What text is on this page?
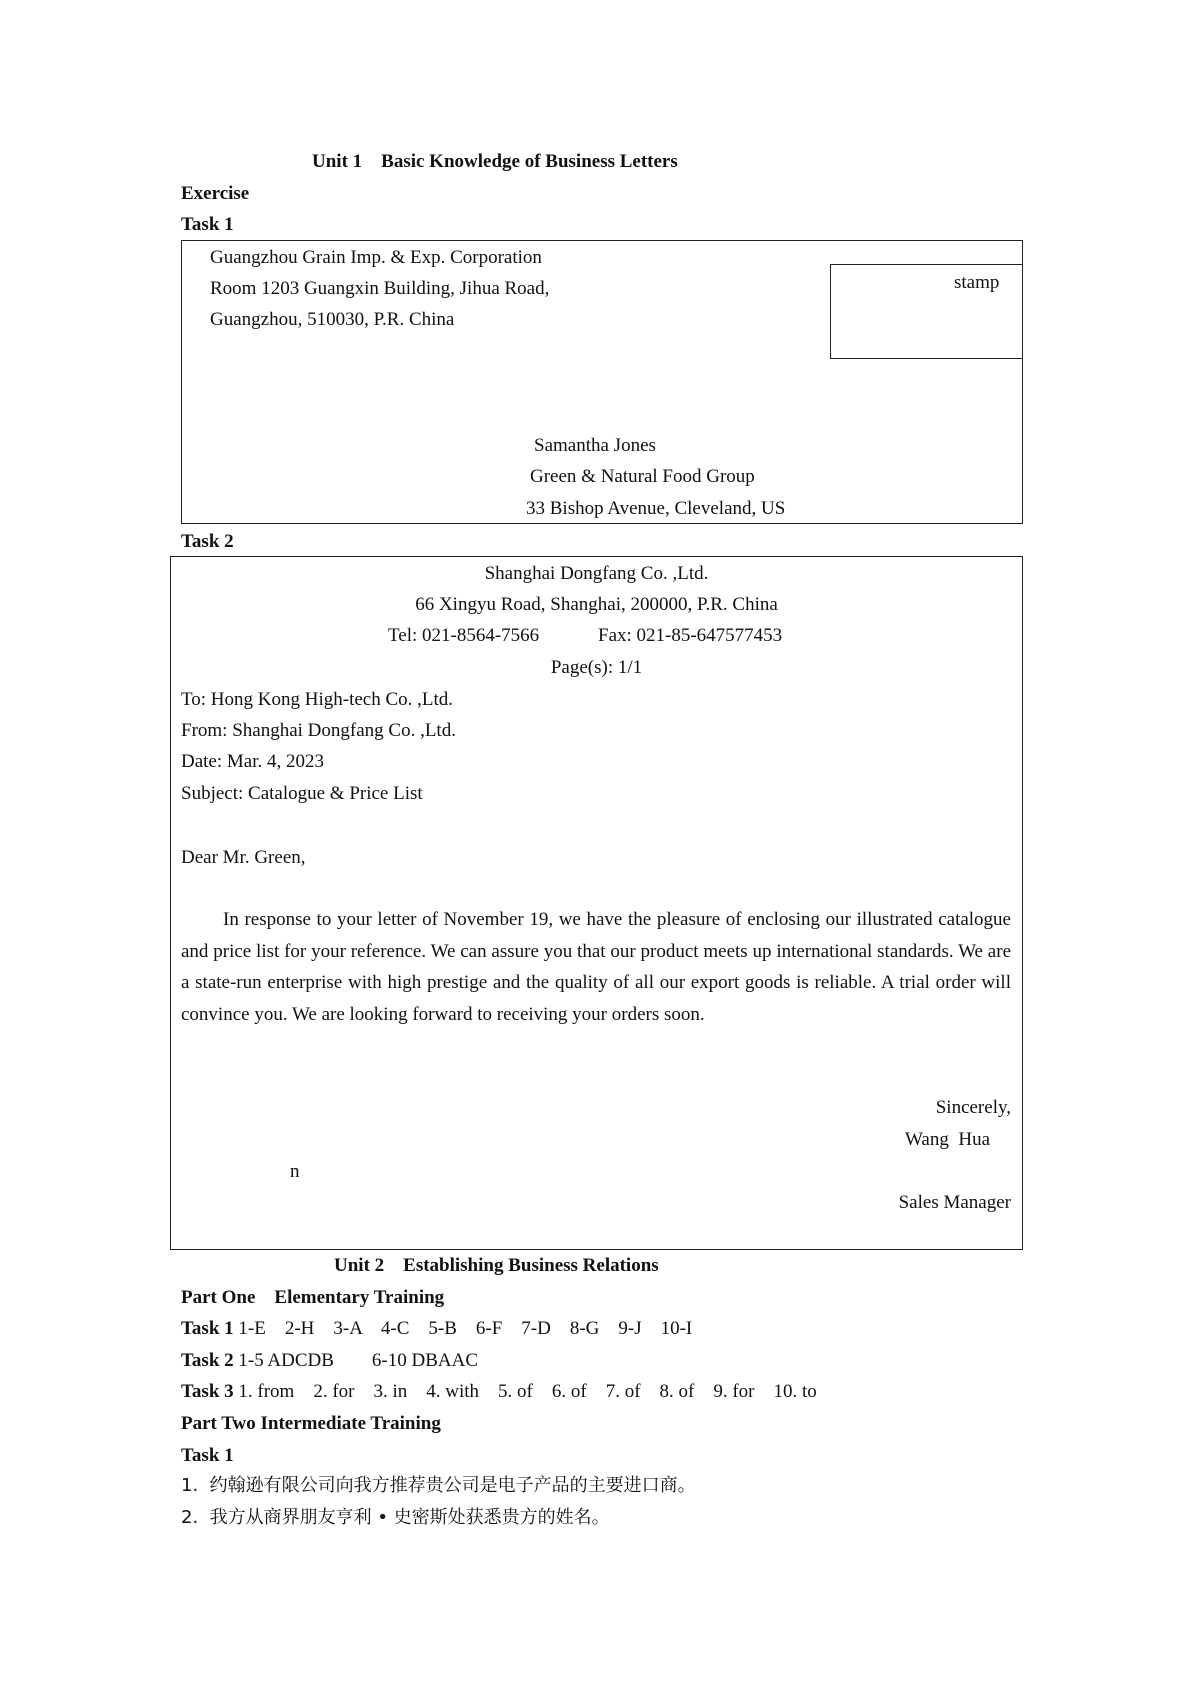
Unit 1    Basic Knowledge of Business Letters
Exercise
Task 1
Guangzhou Grain Imp. & Exp. Corporation
Room 1203 Guangxin Building, Jihua Road,
Guangzhou, 510030, P.R. China
stamp
Samantha Jones
Green & Natural Food Group
33 Bishop Avenue, Cleveland, US
Task 2
Shanghai Dongfang Co. ,Ltd.
66 Xingyu Road, Shanghai, 200000, P.R. China
Tel: 021-8564-7566	Fax: 021-85-647577453
Page(s): 1/1
To: Hong Kong High-tech Co. ,Ltd.
From: Shanghai Dongfang Co. ,Ltd.
Date: Mar. 4, 2023
Subject: Catalogue & Price List
Dear Mr. Green,
In response to your letter of November 19, we have the pleasure of enclosing our illustrated catalogue and price list for your reference. We can assure you that our product meets up international standards. We are a state-run enterprise with high prestige and the quality of all our export goods is reliable. A trial order will convince you. We are looking forward to receiving your orders soon.
Sincerely,
Wang  Hua
n
Sales Manager
Unit 2    Establishing Business Relations
Part One    Elementary Training
Task 1 1-E    2-H    3-A    4-C    5-B    6-F    7-D    8-G    9-J    10-I
Task 2 1-5 ADCDB        6-10 DBAAC
Task 3 1. from    2. for    3. in    4. with    5. of    6. of    7. of    8. of    9. for    10. to
Part Two Intermediate Training
Task 1
1.  约翰逊有限公司向我方推荐贵公司是电子产品的主要进口商。
2.  我方从商界朋友亨利 • 史密斯处获悉贵方的姓名。
